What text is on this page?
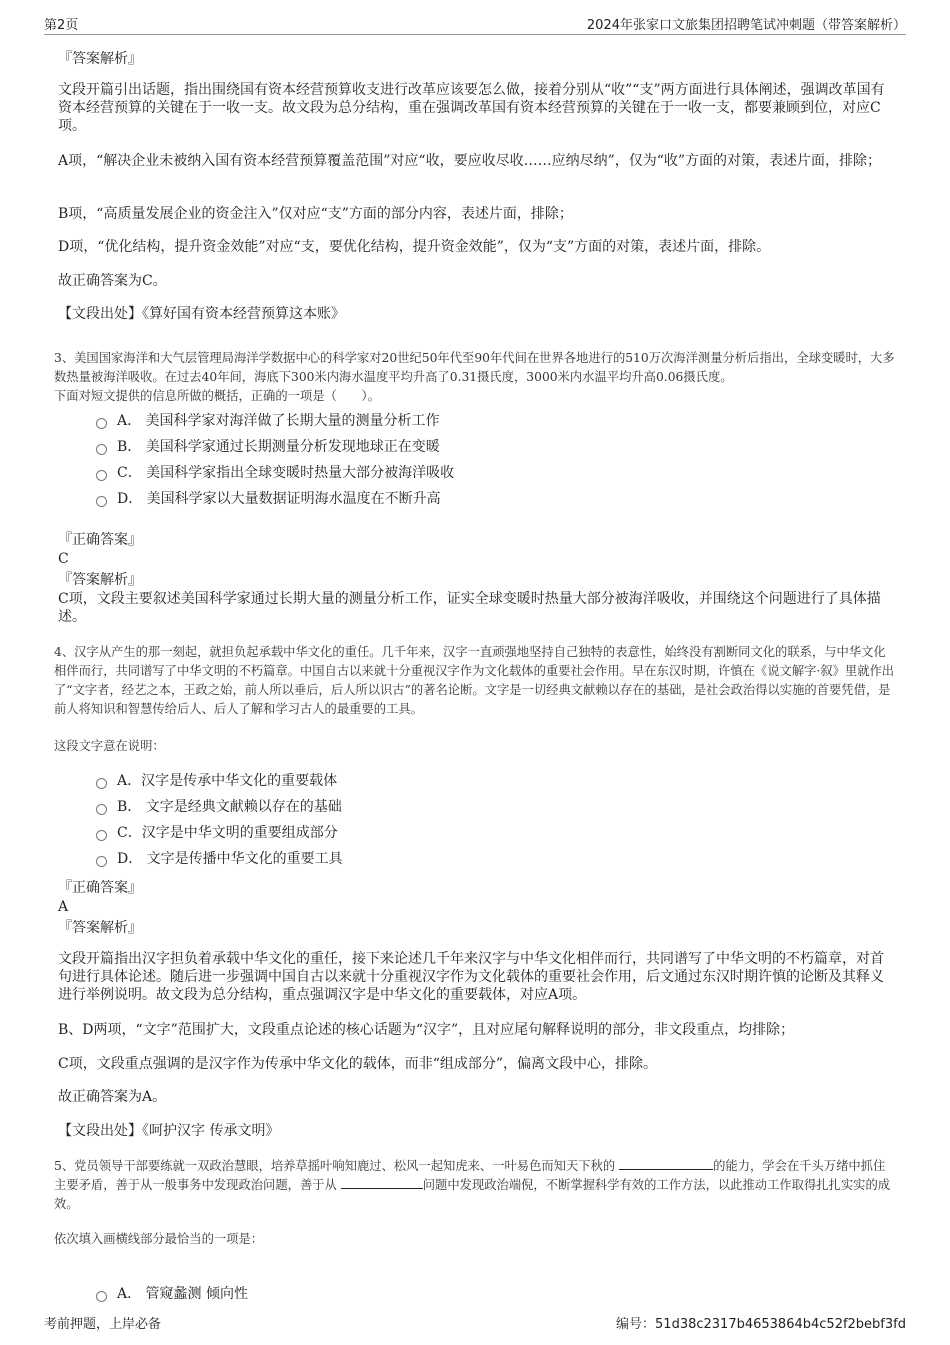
第2页	2024年张家口文旅集团招聘笔试冲刺题（带答案解析）
『答案解析』
文段开篇引出话题，指出围绕国有资本经营预算收支进行改革应该要怎么做，接着分别从“收”“支”两方面进行具体阐述，强调改革国有资本经营预算的关键在于一收一支。故文段为总分结构，重在强调改革国有资本经营预算的关键在于一收一支，都要兼顾到位，对应C项。
A项，“解决企业未被纳入国有资本经营预算覆盖范围”对应“收，要应收尽收……应纳尽纳”，仅为“收”方面的对策，表述片面，排除；
B项，“高质量发展企业的资金注入”仅对应“支”方面的部分内容，表述片面，排除；
D项，“优化结构，提升资金效能”对应“支，要优化结构，提升资金效能”，仅为“支”方面的对策，表述片面，排除。
故正确答案为C。
【文段出处】《算好国有资本经营预算这本账》
3、美国国家海洋和大气层管理局海洋学数据中心的科学家对20世纪50年代至90年代间在世界各地进行的510万次海洋测量分析后指出，全球变暖时，大多数热量被海洋吸收。在过去40年间，海底下300米内海水温度平均升高了0.31摄氏度，3000米内水温平均升高0.06摄氏度。
下面对短文提供的信息所做的概括，正确的一项是（　　）。
A． 美国科学家对海洋做了长期大量的测量分析工作
B． 美国科学家通过长期测量分析发现地球正在变暖
C． 美国科学家指出全球变暖时热量大部分被海洋吸收
D． 美国科学家以大量数据证明海水温度在不断升高
『正确答案』
C
『答案解析』
C项，文段主要叙述美国科学家通过长期大量的测量分析工作，证实全球变暖时热量大部分被海洋吸收，并围绕这个问题进行了具体描述。
4、汉字从产生的那一刻起，就担负起承载中华文化的重任。几千年来，汉字一直顽强地坚持自己独特的表意性，始终没有割断同文化的联系，与中华文化相伴而行，共同谱写了中华文明的不朽篇章。中国自古以来就十分重视汉字作为文化载体的重要社会作用。早在东汉时期，许慎在《说文解字·叙》里就作出了“文字者，经艺之本，王政之始，前人所以垂后，后人所以识古”的著名论断。文字是一切经典文献赖以存在的基础，是社会政治得以实施的首要凭借，是前人将知识和智慧传给后人、后人了解和学习古人的最重要的工具。
这段文字意在说明：
A．汉字是传承中华文化的重要载体
B． 文字是经典文献赖以存在的基础
C．汉字是中华文明的重要组成部分
D． 文字是传播中华文化的重要工具
『正确答案』
A
『答案解析』
文段开篇指出汉字担负着承载中华文化的重任，接下来论述几千年来汉字与中华文化相伴而行，共同谱写了中华文明的不朽篇章，对首句进行具体论述。随后进一步强调中国自古以来就十分重视汉字作为文化载体的重要社会作用，后文通过东汉时期许慎的论断及其释义进行举例说明。故文段为总分结构，重点强调汉字是中华文化的重要载体，对应A项。
B、D两项，“文字”范围扩大，文段重点论述的核心话题为“汉字”，且对应尾句解释说明的部分，非文段重点，均排除；
C项，文段重点强调的是汉字作为传承中华文化的载体，而非“组成部分”，偏离文段中心，排除。
故正确答案为A。
【文段出处】《呵护汉字 传承文明》
5、党员领导干部要练就一双政治慧眼，培养草摇叶响知鹿过、松风一起知虎来、一叶易色而知天下秋的	的能力，学会在千头万绪中抓住主要矛盾，善于从一般事务中发现政治问题，善于从	问题中发现政治端倪，不断掌握科学有效的工作方法，以此推动工作取得扎扎实实的成效。
依次填入画横线部分最恰当的一项是：
A． 管窥蠡测 倾向性
考前押题，上岸必备	编号：51d38c2317b4653864b4c52f2bebf3fd
